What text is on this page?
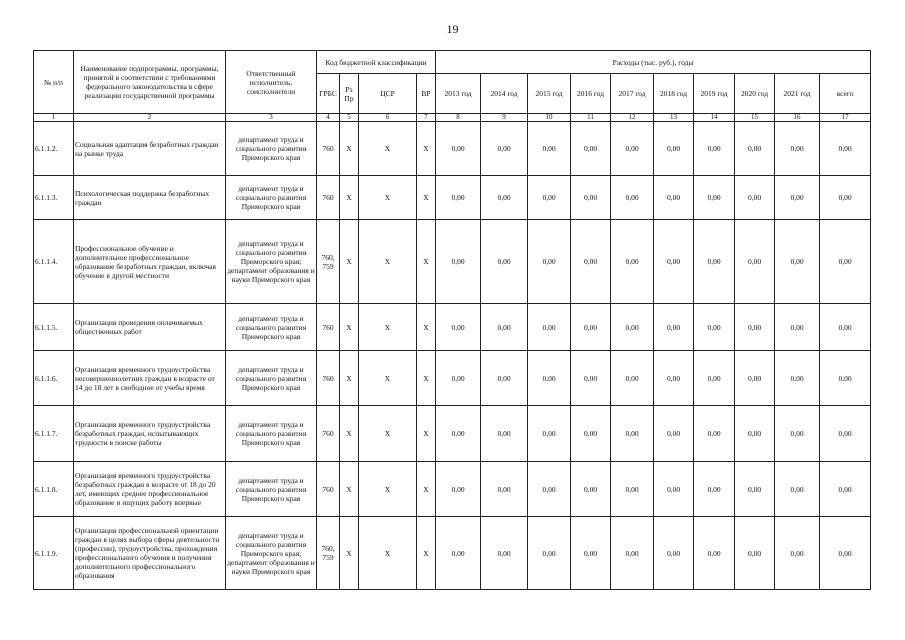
19
№ п/п	Наименование подпрограммы, программы, принятой в соответствии с требованиями федерального законодательства в сфере реализации государственной программы	Ответственный исполнитель, соисполнители	Код бюджетной классификации				Расходы (тыс. руб.), годы									
			ГРБС	Рз Пр	ЦСР	ВР	2013 год	2014 год	2015 год	2016 год	2017 год	2018 год	2019 год	2020 год	2021 год	всего
1	2	3	4	5	6	7	8	9	10	11	12	13	14	15	16	17
6.1.1.2.	Социальная адаптация безработных граждан на рынке труда	департамент труда и социального развития Приморского края	760	X	X	X	0,00	0,00	0,00	0,00	0,00	0,00	0,00	0,00	0,00	0,00
6.1.1.3.	Психологическая поддержка безработных граждан	департамент труда и социального развития Приморского края	760	X	X	X	0,00	0,00	0,00	0,00	0,00	0,00	0,00	0,00	0,00	0,00
6.1.1.4.	Профессиональное обучение и дополнительное профессиональное образование безработных граждан, включая обучение в другой местности	департамент труда и социального развития Приморского края; департамент образования и науки Приморского края	760, 759	X	X	X	0,00	0,00	0,00	0,00	0,00	0,00	0,00	0,00	0,00	0,00
6.1.1.5.	Организация проведения оплачиваемых общественных работ	департамент труда и социального развития Приморского края	760	X	X	X	0,00	0,00	0,00	0,00	0,00	0,00	0,00	0,00	0,00	0,00
6.1.1.6.	Организация временного трудоустройства несовершеннолетних граждан в возрасте от 14 до 18 лет в свободное от учебы время	департамент труда и социального развития Приморского края	760	X	X	X	0,00	0,00	0,00	0,00	0,00	0,00	0,00	0,00	0,00	0,00
6.1.1.7.	Организация временного трудоустройства безработных граждан, испытывающих трудности в поиске работы	департамент труда и социального развития Приморского края	760	X	X	X	0,00	0,00	0,00	0,00	0,00	0,00	0,00	0,00	0,00	0,00
6.1.1.8.	Организация временного трудоустройства безработных граждан в возрасте от 18 до 20 лет, имеющих среднее профессиональное образование и ищущих работу впервые	департамент труда и социального развития Приморского края	760	X	X	X	0,00	0,00	0,00	0,00	0,00	0,00	0,00	0,00	0,00	0,00
6.1.1.9.	Организация профессиональной ориентации граждан в целях выбора сферы деятельности (профессии), трудоустройства, прохождения профессионального обучения и получения дополнительного профессионального образования	департамент труда и социального развития Приморского края; департамент образования и науки Приморского края	760, 759	X	X	X	0,00	0,00	0,00	0,00	0,00	0,00	0,00	0,00	0,00	0,00
